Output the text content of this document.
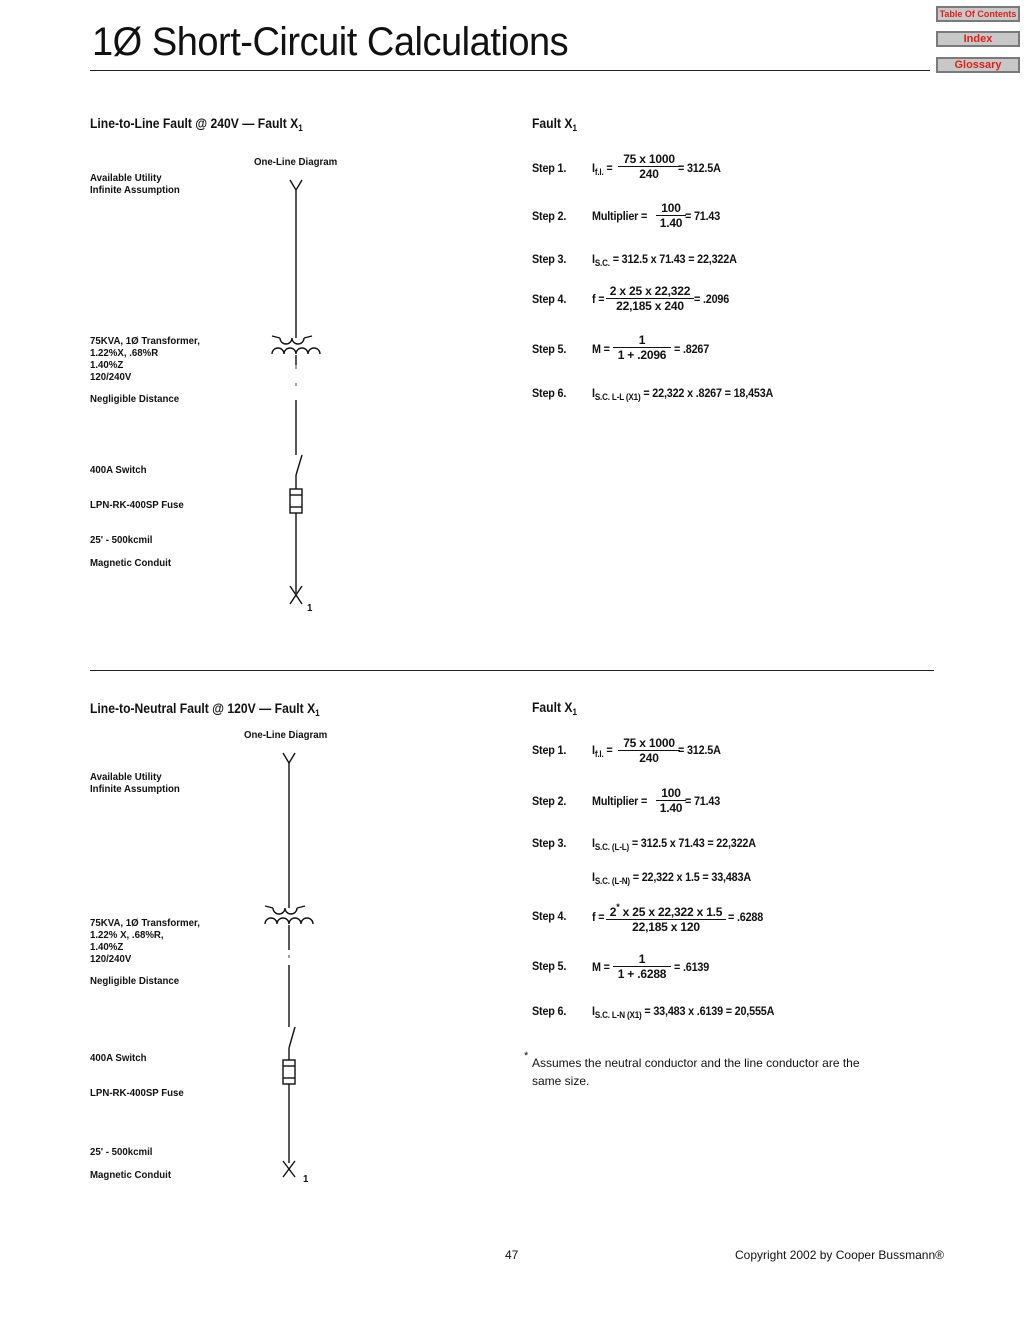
Table Of Contents
Index
Glossary
1Ø Short-Circuit Calculations
Line-to-Line Fault @ 240V — Fault $X_1$
One-Line Diagram
Available Utility
Infinite Assumption
75KVA, 1Ø Transformer,
1.22%X, .68%R
1.40%Z
120/240V
Negligible Distance
400A Switch
LPN-RK-400SP Fuse
25' - 500kcmil
Magnetic Conduit
1
Fault $X_1$
Step 1. $I_{f.l.} = \frac{75 x 1000}{240}$
= 312.5A
Step 2. Multiplier = $\frac{100}{1.40} = 71.43$
Step 3. $I_{S.C.} = 312.5$ x 71.43 = 22,322A
Step 4. $f = \frac{2 x 25 x 22,322}{22,185 x 240} = .2096$
Step 5. $M = \frac{1}{1 + .2096} = .8267$
Step 6. $I_{S.C. L-L (X1)} = 22,322$ x .8267 = 18,453A
Line-to-Neutral Fault @ 120V — Fault $X_1$
One-Line Diagram
Available Utility
Infinite Assumption
75KVA, 1Ø Transformer,
1.22% X, .68%R,
1.40%Z
120/240V
Negligible Distance
400A Switch
LPN-RK-400SP Fuse
25' - 500kcmil
Magnetic Conduit	1
Fault $X_1$
Step 1. $I_{f.l.} = \frac{75 x 1000}{240}$
= 312.5A
Step 2. Multiplier = $\frac{100}{1.40} = 71.43$
Step 3. $I_{S.C. (L-L)} = 312.5$ x 71.43 = 22,322A
$I_{S.C. (L-N)} = 22,322$ x 1.5 = 33,483A
Step 4. $f = \frac{2^* x 25 x 22,322 x 1.5}{22,185 x 120} = .6288$
Step 5. $M = \frac{1}{1 + .6288} = .6139$
Step 6. $I_{S.C. L-N (X1)} = 33,483$ x .6139 = 20,555A
* Assumes the neutral conductor and the line conductor are the
same size.
47	Copyright 2002 by Cooper Bussmann®
